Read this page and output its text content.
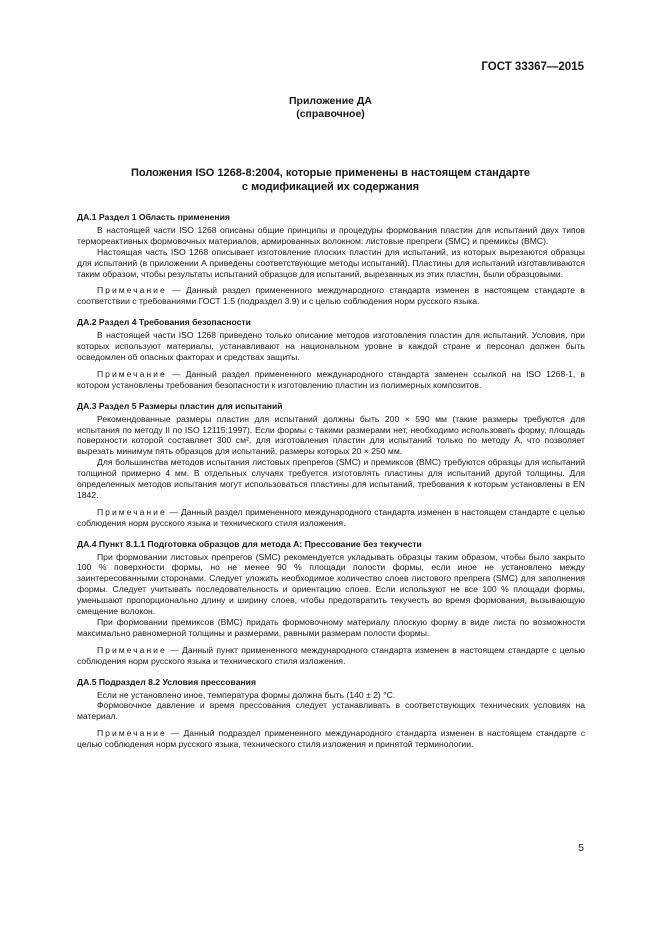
ГОСТ 33367—2015
Приложение ДА
(справочное)
Положения ISO 1268-8:2004, которые применены в настоящем стандарте
с модификацией их содержания

ДА.1 Раздел 1 Область применения

В настоящей части ISO 1268 описаны общие принципы и процедуры формования пластин для испытаний двух типов термореактивных формовочных материалов, армированных волокном: листовые препреги (SMC) и премиксы (BMC).

Настоящая часть ISO 1268 описывает изготовление плоских пластин для испытаний, из которых вырезаются образцы для испытаний (в приложении А приведены соответствующие методы испытаний). Пластины для испытаний изготавливаются таким образом, чтобы результаты испытаний образцов для испытаний, вырезанных из этих пластин, были образцовыми.

Примечание — Данный раздел примененного международного стандарта изменен в настоящем стандарте в соответствии с требованиями ГОСТ 1.5 (подраздел 3.9) и с целью соблюдения норм русского языка.

ДА.2 Раздел 4 Требования безопасности

В настоящей части ISO 1268 приведено только описание методов изготовления пластин для испытаний. Условия, при которых используют материалы, устанавливают на национальном уровне в каждой стране и персонал должен быть осведомлен об опасных факторах и средствах защиты.

Примечание — Данный раздел примененного международного стандарта заменен ссылкой на ISO 1268-1, в котором установлены требования безопасности к изготовлению пластин из полимерных композитов.

ДА.3 Раздел 5 Размеры пластин для испытаний

Рекомендованные размеры пластин для испытаний должны быть 200 × 590 мм (такие размеры требуются для испытания по методу II по ISO 12115:1997). Если формы с такими размерами нет, необходимо использовать форму, площадь поверхности которой составляет 300 см², для изготовления пластин для испытаний только по методу А, что позволяет вырезать минимум пять образцов для испытаний, размеры которых 20 × 250 мм.

Для большинства методов испытания листовых препрегов (SMC) и премиксов (BMC) требуются образцы для испытаний толщиной примерно 4 мм. В отдельных случаях требуется изготовлять пластины для испытаний другой толщины. Для определенных методов испытания могут использоваться пластины для испытаний, требования к которым установлены в EN 1842.

Примечание — Данный раздел примененного международного стандарта изменен в настоящем стандарте с целью соблюдения норм русского языка и технического стиля изложения.

ДА.4 Пункт 8.1.1 Подготовка образцов для метода А: Прессование без текучести

При формовании листовых препрегов (SMC) рекомендуется укладывать образцы таким образом, чтобы было закрыто 100 % поверхности формы, но не менее 90 % площади полости формы, если иное не установлено между заинтересованными сторонами. Следует уложить необходимое количество слоев листового препрега (SMC) для заполнения формы. Следует учитывать последовательность и ориентацию слоев. Если используют не все 100 % площади формы, уменьшают пропорционально длину и ширину слоев, чтобы предотвратить текучесть во время формования, вызывающую смещение волокон.

При формовании премиксов (BMC) придать формовочному материалу плоскую форму в виде листа по возможности максимально равномерной толщины и размерами, равными размерам полости формы.

Примечание — Данный пункт примененного международного стандарта изменен в настоящем стандарте с целью соблюдения норм русского языка и технического стиля изложения.

ДА.5 Подраздел 8.2 Условия прессования

Если не установлено иное, температура формы должна быть (140 ± 2) °С.

Формовочное давление и время прессования следует устанавливать в соответствующих технических условиях на материал.

Примечание — Данный подраздел примененного международного стандарта изменен в настоящем стандарте с целью соблюдения норм русского языка, технического стиля изложения и принятой терминологии.

5
